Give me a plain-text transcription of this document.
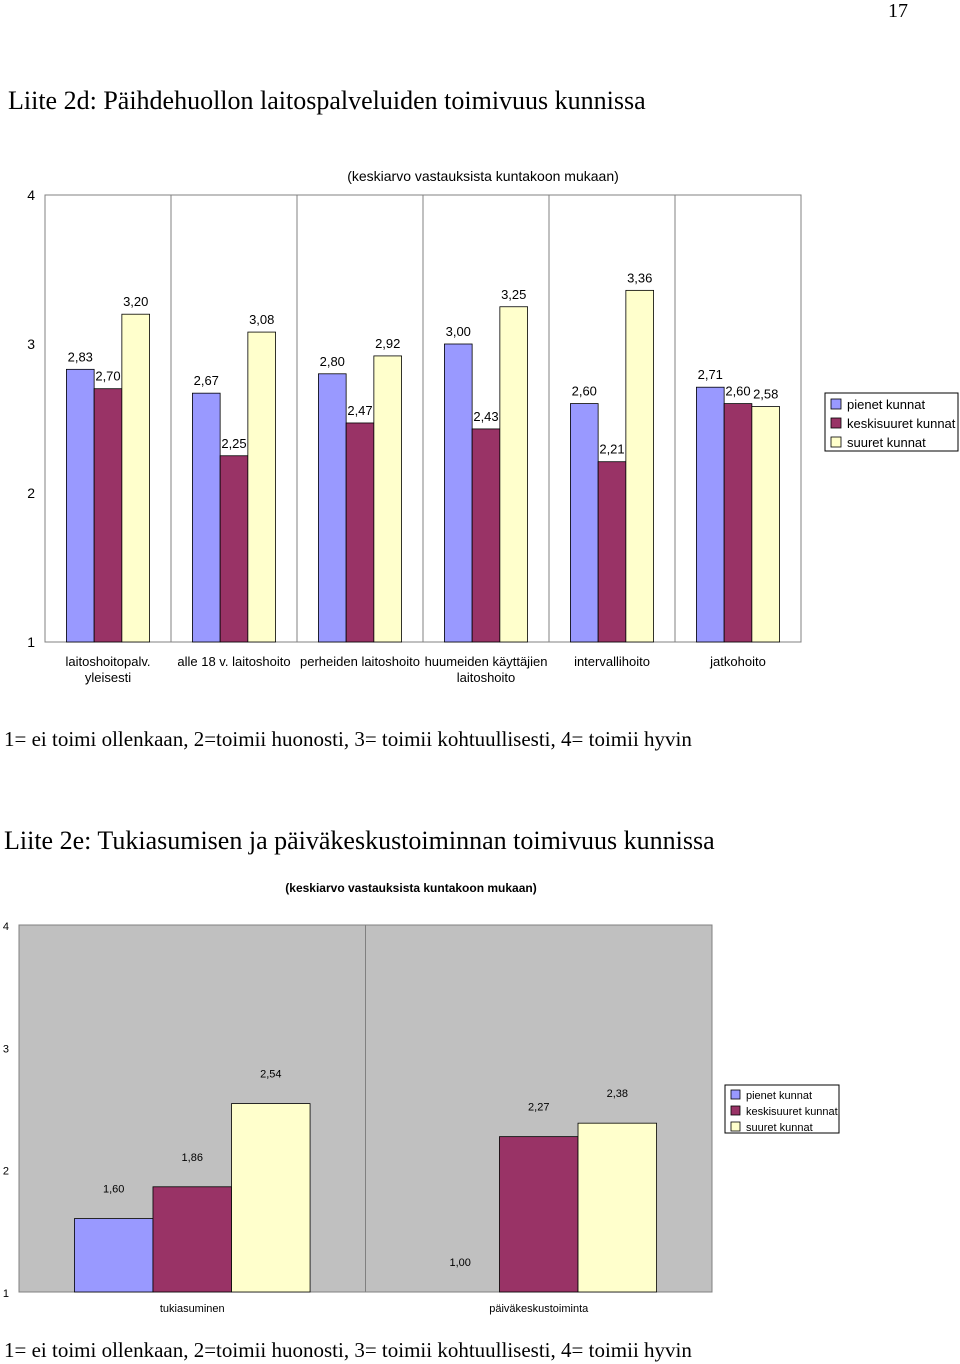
17
Liite 2d: Päihdehuollon laitospalveluiden toimivuus kunnissa
1
2
3
4
(keskiarvo vastauksista kuntakoon mukaan)
2,83
2,70
3,20
laitoshoitopalv.
yleisesti
2,67
2,25
3,08
alle 18 v. laitoshoito
2,80
2,47
2,92
perheiden laitoshoito
3,00
2,43
3,25
huumeiden käyttäjien
laitoshoito
2,60
2,21
3,36
intervallihoito
2,71
2,60 2,58
jatkohoito
pienet kunnat
keskisuuret kunnat
suuret kunnat
1= ei toimi ollenkaan, 2=toimii huonosti, 3= toimii kohtuullisesti, 4= toimii hyvin
Liite 2e: Tukiasumisen ja päiväkeskustoiminnan toimivuus kunnissa
1
2
3
4
(keskiarvo vastauksista kuntakoon mukaan)
1,60
1,86
2,54
tukiasuminen
1,00
2,27
2,38
päiväkeskustoiminta
pienet kunnat
keskisuuret kunnat
suuret kunnat
1= ei toimi ollenkaan, 2=toimii huonosti, 3= toimii kohtuullisesti, 4= toimii hyvin
